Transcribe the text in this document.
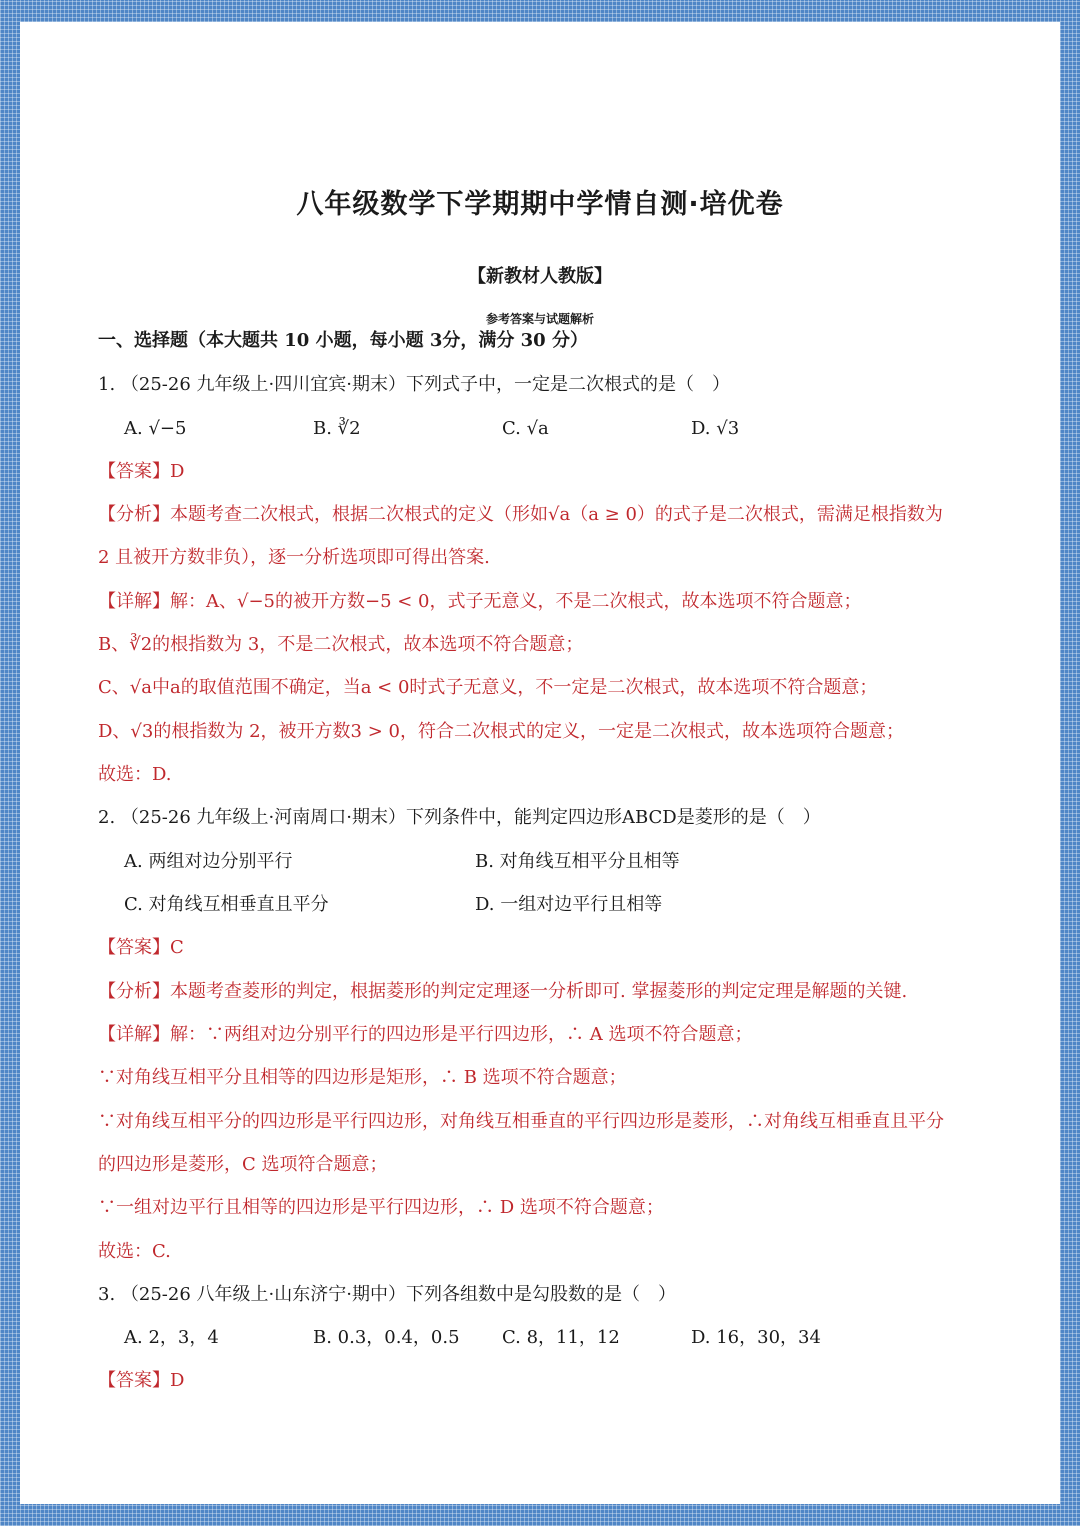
八年级数学下学期期中学情自测·培优卷
【新教材人教版】
参考答案与试题解析
一、选择题（本大题共 10 小题，每小题 3分，满分 30 分）
1. （25-26 九年级上·四川宜宾·期末）下列式子中，一定是二次根式的是（　）
A. √−5	B. ∛2	C. √a	D. √3
【答案】D
【分析】本题考查二次根式，根据二次根式的定义（形如√a（a ≥ 0）的式子是二次根式，需满足根指数为
2 且被开方数非负），逐一分析选项即可得出答案.
【详解】解：A、√−5的被开方数−5 < 0，式子无意义，不是二次根式，故本选项不符合题意；
B、∛2的根指数为 3，不是二次根式，故本选项不符合题意；
C、√a中a的取值范围不确定，当a < 0时式子无意义，不一定是二次根式，故本选项不符合题意；
D、√3的根指数为 2，被开方数3 > 0，符合二次根式的定义，一定是二次根式，故本选项符合题意；
故选：D.
2. （25-26 九年级上·河南周口·期末）下列条件中，能判定四边形ABCD是菱形的是（　）
A. 两组对边分别平行	B. 对角线互相平分且相等
C. 对角线互相垂直且平分	D. 一组对边平行且相等
【答案】C
【分析】本题考查菱形的判定，根据菱形的判定定理逐一分析即可. 掌握菱形的判定定理是解题的关键.
【详解】解：∵两组对边分别平行的四边形是平行四边形，∴ A 选项不符合题意；
∵对角线互相平分且相等的四边形是矩形，∴ B 选项不符合题意；
∵对角线互相平分的四边形是平行四边形，对角线互相垂直的平行四边形是菱形，∴对角线互相垂直且平分
的四边形是菱形，C 选项符合题意；
∵一组对边平行且相等的四边形是平行四边形，∴ D 选项不符合题意；
故选：C.
3. （25-26 八年级上·山东济宁·期中）下列各组数中是勾股数的是（　）
A. 2，3，4	B. 0.3，0.4，0.5 C. 8，11，12	D. 16，30，34
【答案】D
